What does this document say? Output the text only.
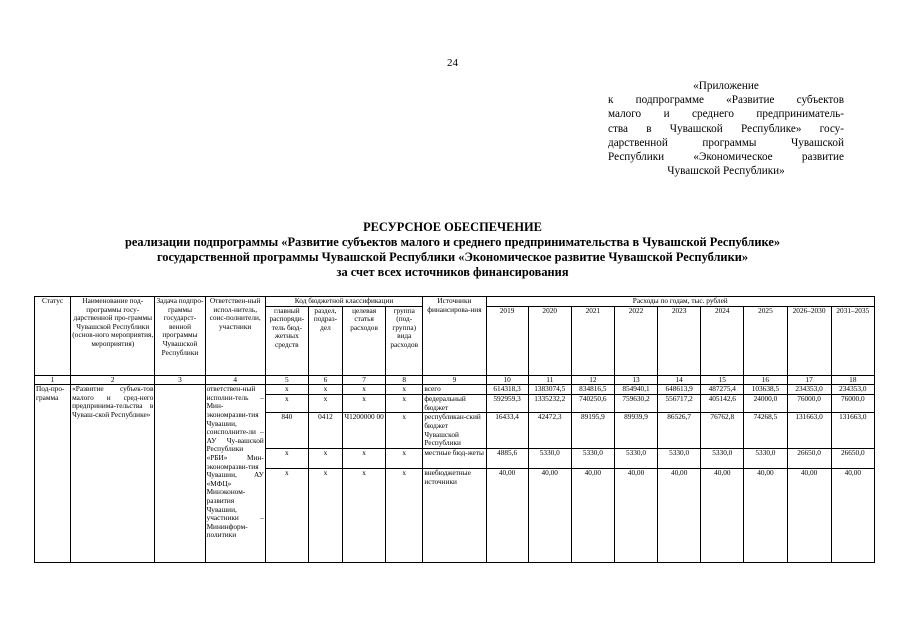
24
«Приложение
к подпрограмме «Развитие субъектов
малого и среднего предприниматель-
ства в Чувашской Республике» госу-
дарственной программы Чувашской
Республики «Экономическое развитие
Чувашской Республики»
РЕСУРСНОЕ ОБЕСПЕЧЕНИЕ
реализации подпрограммы «Развитие субъектов малого и среднего предпринимательства в Чувашской Республике»
государственной программы Чувашской Республики «Экономическое развитие Чувашской Республики»
за счет всех источников финансирования
Статус	Наименование под-программы госу-дарственной про-граммы Чувашской Республики (основ-ного мероприятия, мероприятия)	Задача подпро-граммы государст-венной программы Чувашской Республики	Ответствен-ный испол-нитель, соис-полнители, участники	Код бюджетной классификации				Источники финансирова-ния	Расходы по годам, тыс. рублей								
				главный распоряди-тель бюд-жетных средств	раздел, подраз-дел	целевая статья расходов	группа (под-группа) вида расходов		2019	2020	2021	2022	2023	2024	2025	2026–2030	2031–2035
1	2	3	4	5	6	7	8	9	10	11	12	13	14	15	16	17	18
Под-про-грамма	«Развитие субъек-тов малого и сред-него предпринима-тельства в Чуваш-ской Республике»		ответствен-ный исполни-тель – Мин-экономразви-тия Чувашии, соисполните-ли – АУ Чу-вашской Республики «РБИ» Мин-экономразви-тия Чувашии, АУ «МФЦ» Минэконом-развития Чувашии, участники – Мининформ-политики	x	x	x	x	всего	614318,3	1383074,5	834816,5	854940,1	648613,9	487275,4	103638,5	234353,0	234353,0
				x	x	x	x	федеральный бюджет	592959,3	1335232,2	740250,6	759630,2	556717,2	405142,6	24000,0	76000,0	76000,0
				840	0412	Ч1200000 00	x	республикан-ский бюджет Чувашской Республики	16433,4	42472,3	89195,9	89939,9	86526,7	76762,8	74268,5	131663,0	131663,0
				x	x	x	x	местные бюд-жеты	4885,6	5330,0	5330,0	5330,0	5330,0	5330,0	5330,0	26650,0	26650,0
				x	x	x	x	внебюджетные источники	40,00	40,00	40,00	40,00	40,00	40,00	40,00	40,00	40,00
